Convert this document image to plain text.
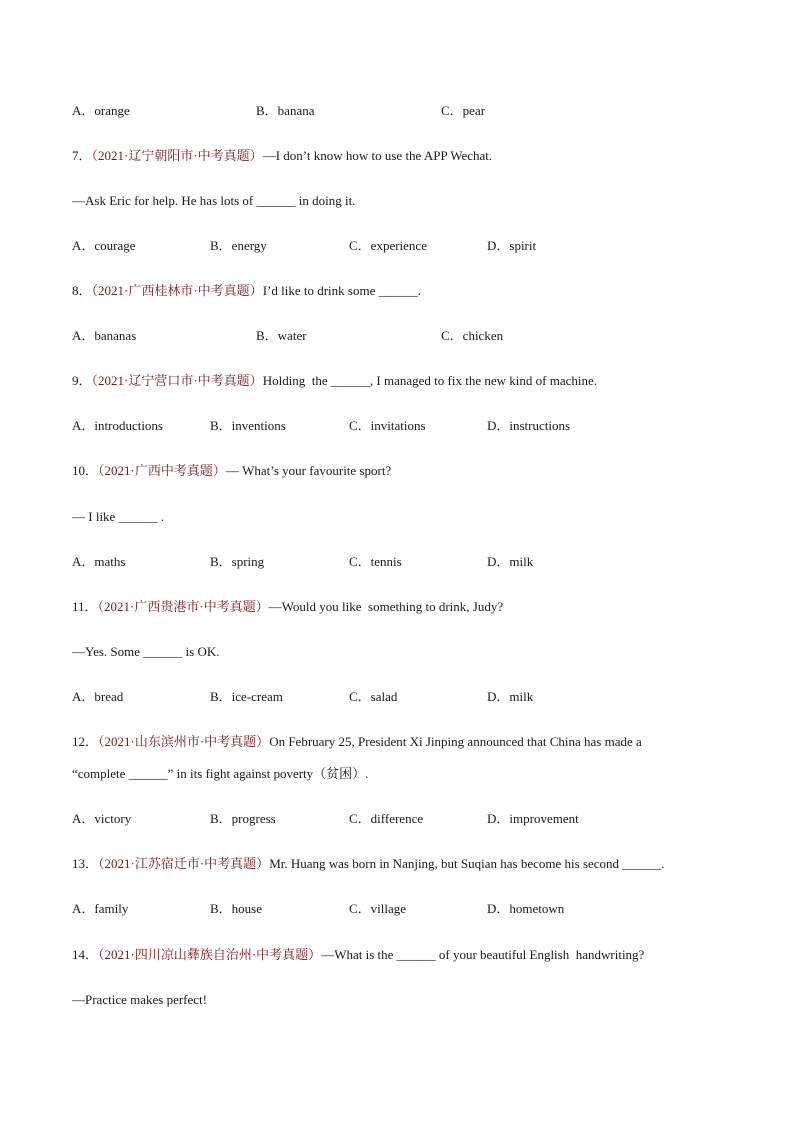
A．orange	B．banana	C．pear
7．（2021·辽宁朝阳市·中考真题）—I don’t know how to use the APP Wechat.
—Ask Eric for help. He has lots of ______ in doing it.
A．courage	B．energy	C．experience	D．spirit
8．（2021·广西桂林市·中考真题）I’d like to drink some ______.
A．bananas	B．water	C．chicken
9．（2021·辽宁营口市·中考真题）Holding  the ______, I managed to fix the new kind of machine.
A．introductions	B．inventions	C．invitations	D．instructions
10．（2021·广西中考真题）— What’s your favourite sport?
— I like ______ .
A．maths	B．spring	C．tennis	D．milk
11．（2021·广西贵港市·中考真题）—Would you like  something to drink, Judy?
—Yes. Some ______ is OK.
A．bread	B．ice-cream	C．salad	D．milk
12．（2021·山东滨州市·中考真题）On February 25, President Xi Jinping announced that China has made a
“complete ______” in its fight against poverty（贫困）.
A．victory	B．progress	C．difference	D．improvement
13．（2021·江苏宿迁市·中考真题）Mr. Huang was born in Nanjing, but Suqian has become his second ______.
A．family	B．house	C．village	D．hometown
14．（2021·四川凉山彝族自治州·中考真题）—What is the ______ of your beautiful English  handwriting?
—Practice makes perfect!
